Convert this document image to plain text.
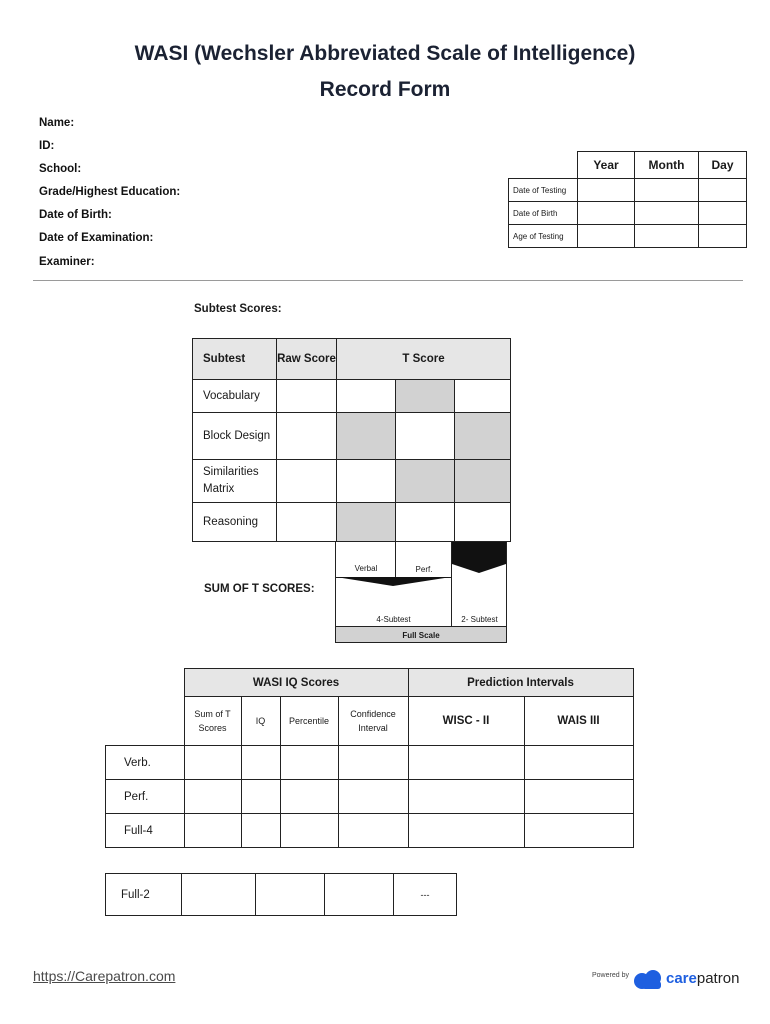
WASI (Wechsler Abbreviated Scale of Intelligence)
Record Form
Name:
ID:
School:
Grade/Highest Education:
Date of Birth:
Date of Examination:
Examiner:
	Year	Month	Day
Date of Testing			
Date of Birth			
Age of Testing			
Subtest Scores:
Subtest	Raw Score	T Score		
Vocabulary				
Block Design				
Similarities Matrix				
Reasoning				
SUM OF T SCORES:
Verbal	Perf.
4-Subtest	2- Subtest
Full Scale
	WASI IQ Scores				Prediction Intervals	
	Sum of T Scores	IQ	Percentile	Confidence Interval	WISC - II	WAIS III
Verb.						
Perf.						
Full-4						
Full-2				---
https://Carepatron.com	Powered by carepatron
